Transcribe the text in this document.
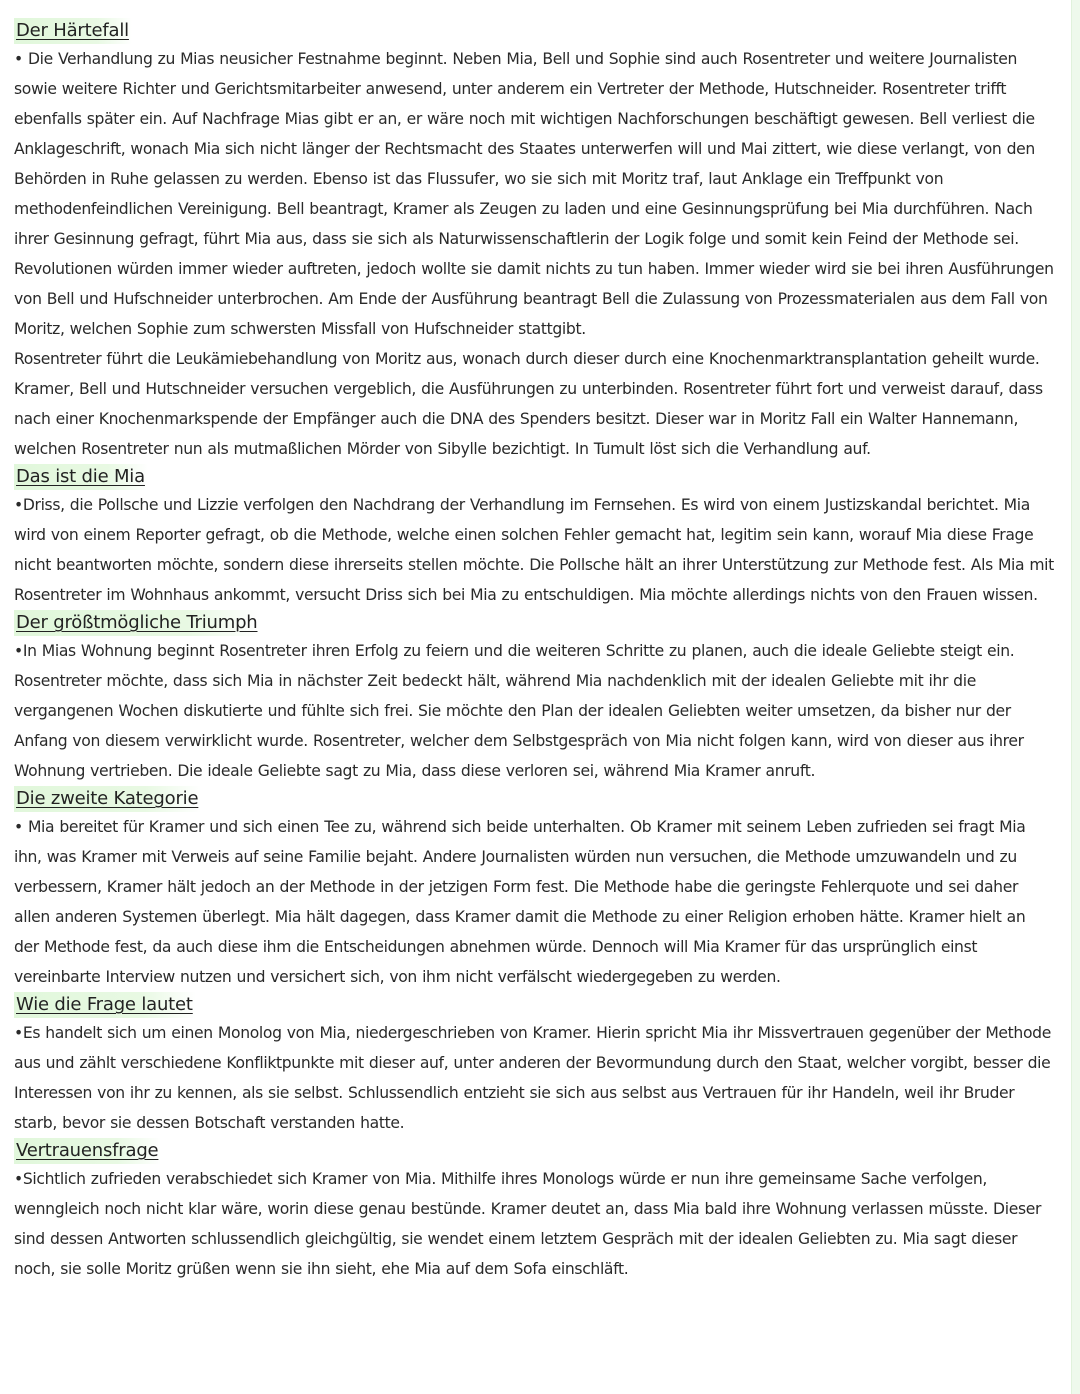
Der Härtefall

• Die Verhandlung zu Mias neusicher Festnahme beginnt. Neben Mia, Bell und Sophie sind auch Rosentreter und weitere Journalisten sowie weitere Richter und Gerichtsmitarbeiter anwesend, unter anderem ein Vertreter der Methode, Hutschneider. Rosentreter trifft ebenfalls später ein. Auf Nachfrage Mias gibt er an, er wäre noch mit wichtigen Nachforschungen beschäftigt gewesen. Bell verliest die Anklageschrift, wonach Mia sich nicht länger der Rechtsmacht des Staates unterwerfen will und Mai zittert, wie diese verlangt, von den Behörden in Ruhe gelassen zu werden. Ebenso ist das Flussufer, wo sie sich mit Moritz traf, laut Anklage ein Treffpunkt von methodenfeindlichen Vereinigung. Bell beantragt, Kramer als Zeugen zu laden und eine Gesinnungsprüfung bei Mia durchführen. Nach ihrer Gesinnung gefragt, führt Mia aus, dass sie sich als Naturwissenschaftlerin der Logik folge und somit kein Feind der Methode sei. Revolutionen würden immer wieder auftreten, jedoch wollte sie damit nichts zu tun haben. Immer wieder wird sie bei ihren Ausführungen von Bell und Hufschneider unterbrochen. Am Ende der Ausführung beantragt Bell die Zulassung von Prozessmaterialen aus dem Fall von Moritz, welchen Sophie zum schwersten Missfall von Hufschneider stattgibt.

Rosentreter führt die Leukämiebehandlung von Moritz aus, wonach durch dieser durch eine Knochenmarktransplantation geheilt wurde. Kramer, Bell und Hutschneider versuchen vergeblich, die Ausführungen zu unterbinden. Rosentreter führt fort und verweist darauf, dass nach einer Knochenmarkspende der Empfänger auch die DNA des Spenders besitzt. Dieser war in Moritz Fall ein Walter Hannemann, welchen Rosentreter nun als mutmaßlichen Mörder von Sibylle bezichtigt. In Tumult löst sich die Verhandlung auf.

Das ist die Mia

•Driss, die Pollsche und Lizzie verfolgen den Nachdrang der Verhandlung im Fernsehen. Es wird von einem Justizskandal berichtet. Mia wird von einem Reporter gefragt, ob die Methode, welche einen solchen Fehler gemacht hat, legitim sein kann, worauf Mia diese Frage nicht beantworten möchte, sondern diese ihrerseits stellen möchte. Die Pollsche hält an ihrer Unterstützung zur Methode fest. Als Mia mit Rosentreter im Wohnhaus ankommt, versucht Driss sich bei Mia zu entschuldigen. Mia möchte allerdings nichts von den Frauen wissen.

Der größtmögliche Triumph

•In Mias Wohnung beginnt Rosentreter ihren Erfolg zu feiern und die weiteren Schritte zu planen, auch die ideale Geliebte steigt ein. Rosentreter möchte, dass sich Mia in nächster Zeit bedeckt hält, während Mia nachdenklich mit der idealen Geliebte mit ihr die vergangenen Wochen diskutierte und fühlte sich frei. Sie möchte den Plan der idealen Geliebten weiter umsetzen, da bisher nur der Anfang von diesem verwirklicht wurde. Rosentreter, welcher dem Selbstgespräch von Mia nicht folgen kann, wird von dieser aus ihrer Wohnung vertrieben. Die ideale Geliebte sagt zu Mia, dass diese verloren sei, während Mia Kramer anruft.

Die zweite Kategorie

• Mia bereitet für Kramer und sich einen Tee zu, während sich beide unterhalten. Ob Kramer mit seinem Leben zufrieden sei fragt Mia ihn, was Kramer mit Verweis auf seine Familie bejaht. Andere Journalisten würden nun versuchen, die Methode umzuwandeln und zu verbessern, Kramer hält jedoch an der Methode in der jetzigen Form fest. Die Methode habe die geringste Fehlerquote und sei daher allen anderen Systemen überlegt. Mia hält dagegen, dass Kramer damit die Methode zu einer Religion erhoben hätte. Kramer hielt an der Methode fest, da auch diese ihm die Entscheidungen abnehmen würde. Dennoch will Mia Kramer für das ursprünglich einst vereinbarte Interview nutzen und versichert sich, von ihm nicht verfälscht wiedergegeben zu werden.

Wie die Frage lautet

•Es handelt sich um einen Monolog von Mia, niedergeschrieben von Kramer. Hierin spricht Mia ihr Missvertrauen gegenüber der Methode aus und zählt verschiedene Konfliktpunkte mit dieser auf, unter anderen der Bevormundung durch den Staat, welcher vorgibt, besser die Interessen von ihr zu kennen, als sie selbst. Schlussendlich entzieht sie sich aus selbst aus Vertrauen für ihr Handeln, weil ihr Bruder starb, bevor sie dessen Botschaft verstanden hatte.

Vertrauensfrage

•Sichtlich zufrieden verabschiedet sich Kramer von Mia. Mithilfe ihres Monologs würde er nun ihre gemeinsame Sache verfolgen, wenngleich noch nicht klar wäre, worin diese genau bestünde. Kramer deutet an, dass Mia bald ihre Wohnung verlassen müsste. Dieser sind dessen Antworten schlussendlich gleichgültig, sie wendet einem letztem Gespräch mit der idealen Geliebten zu. Mia sagt dieser noch, sie solle Moritz grüßen wenn sie ihn sieht, ehe Mia auf dem Sofa einschläft.
